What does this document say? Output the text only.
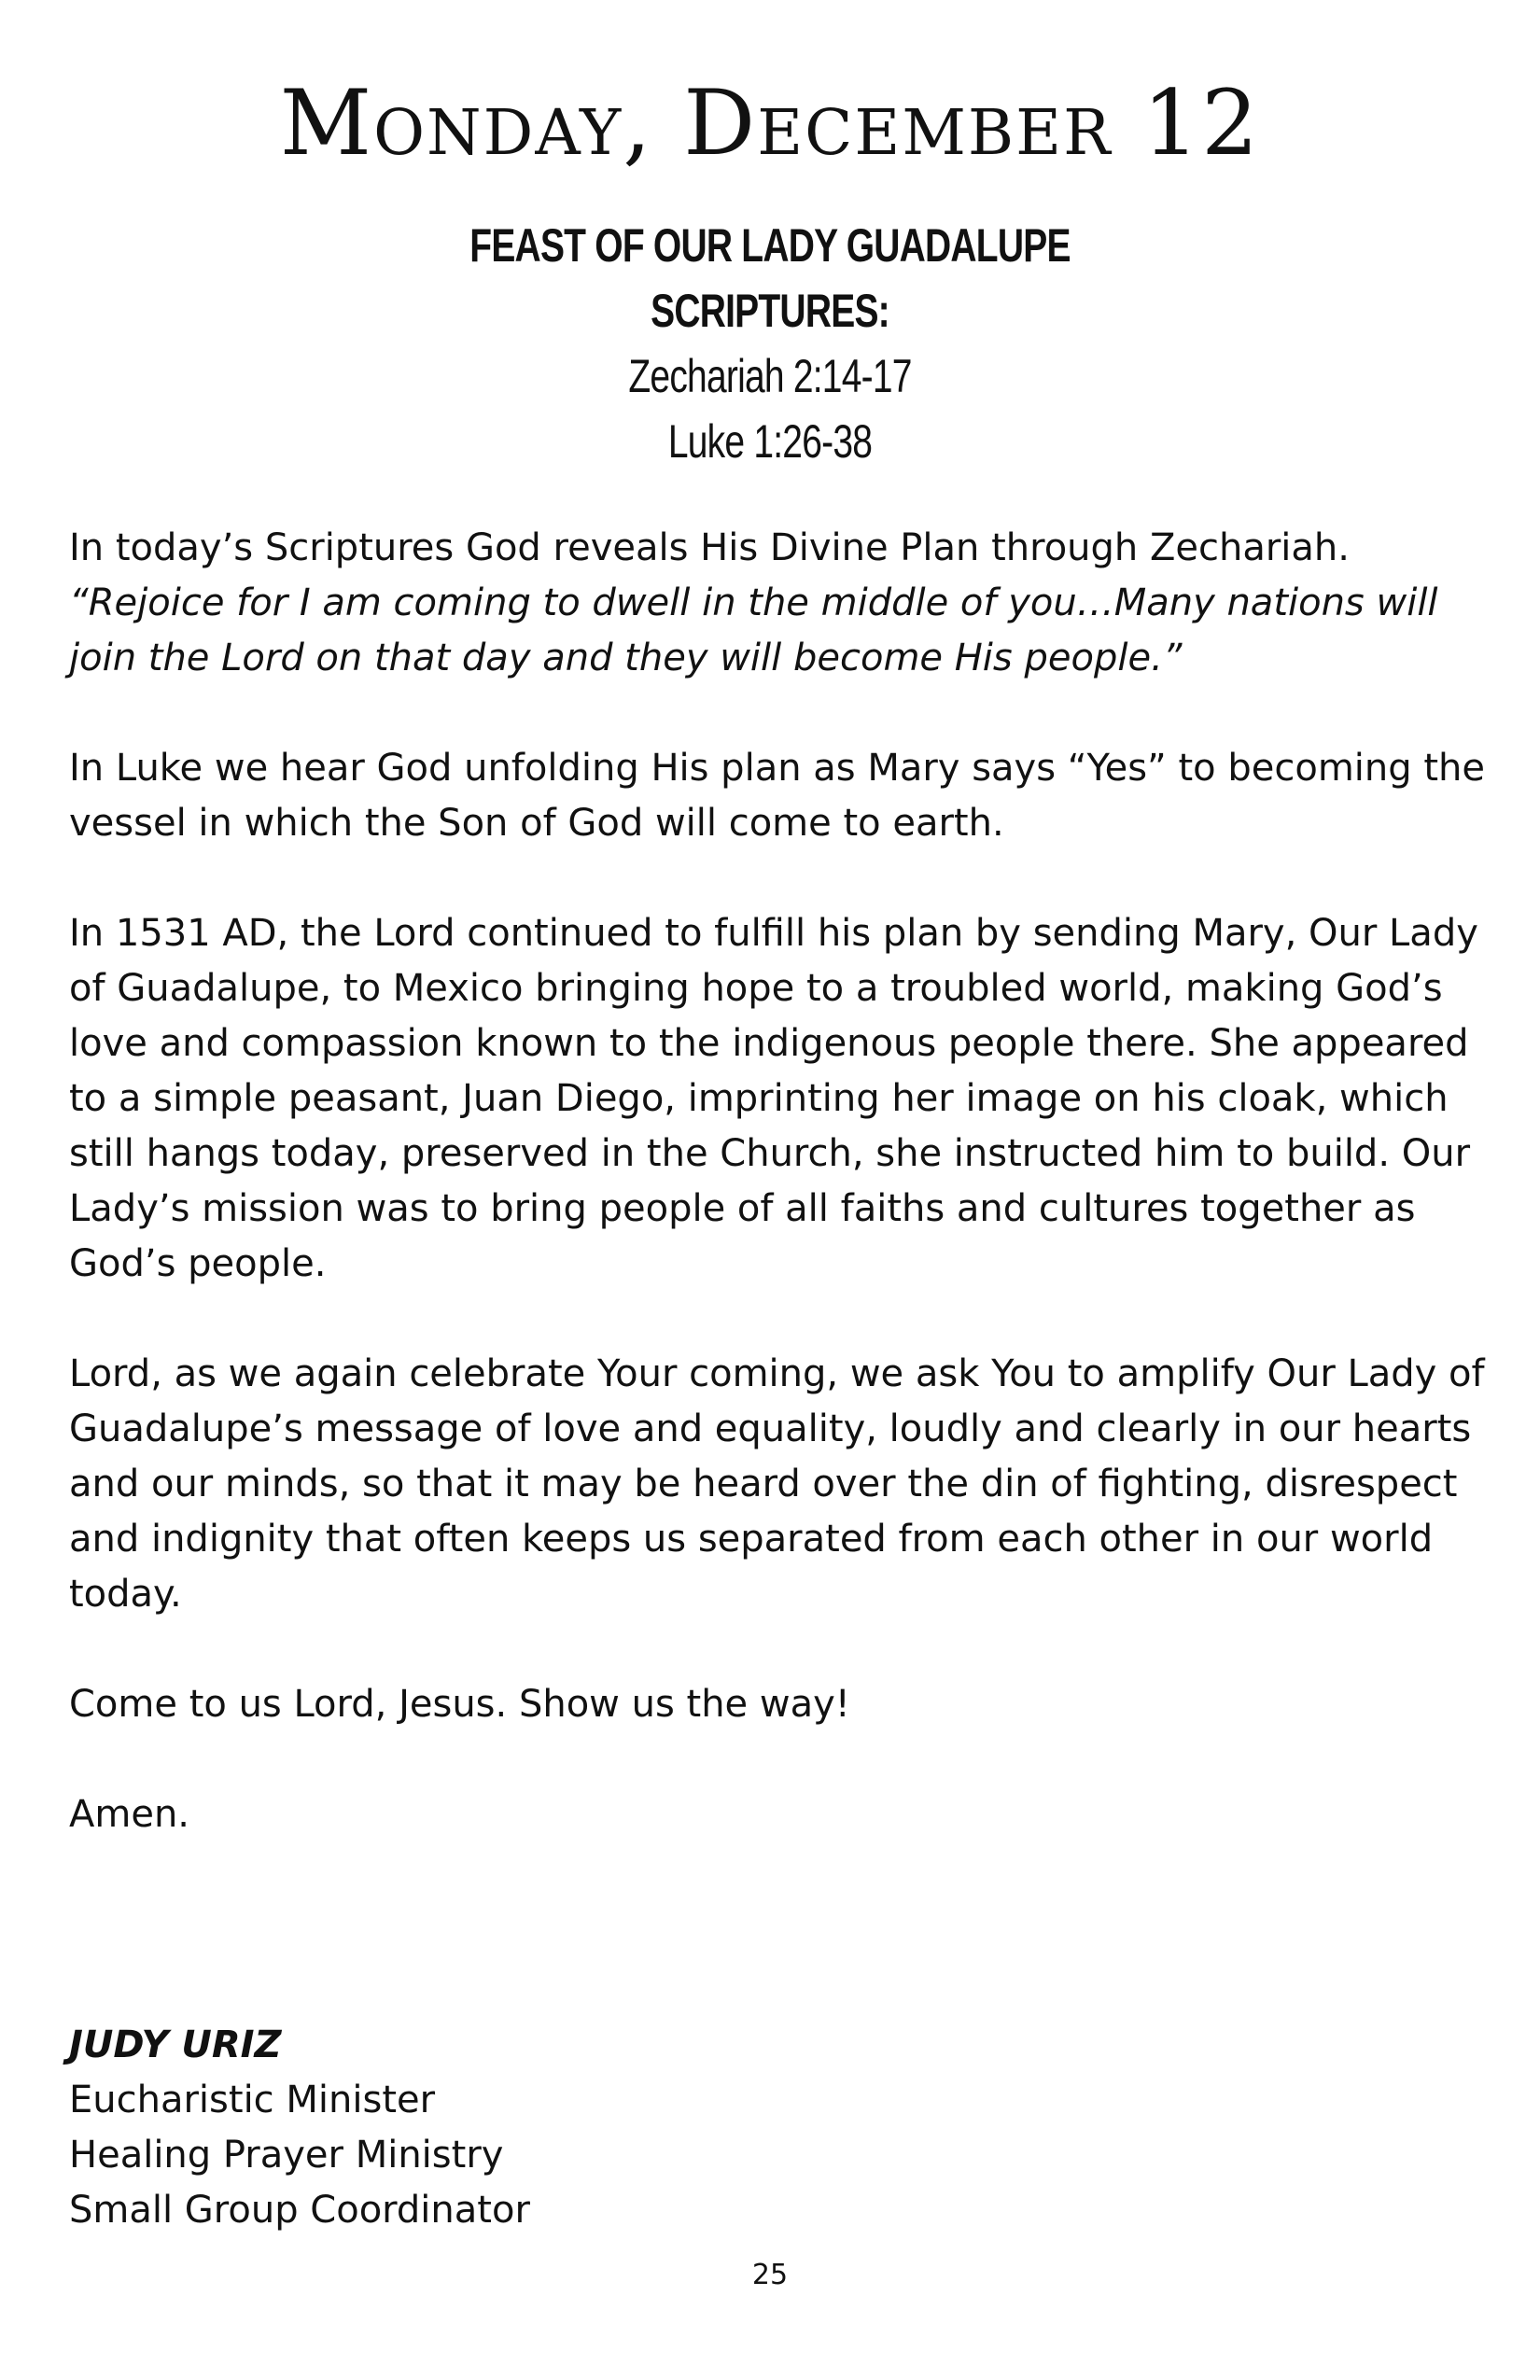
Monday, December 12
FEAST OF OUR LADY GUADALUPE
SCRIPTURES:
Zechariah 2:14-17
Luke 1:26-38

In today’s Scriptures God reveals His Divine Plan through Zechariah. “Rejoice for I am coming to dwell in the middle of you…Many nations will join the Lord on that day and they will become His people.”

In Luke we hear God unfolding His plan as Mary says “Yes” to becoming the vessel in which the Son of God will come to earth.

In 1531 AD, the Lord continued to fulfill his plan by sending Mary, Our Lady of Guadalupe, to Mexico bringing hope to a troubled world, making God’s love and compassion known to the indigenous people there. She appeared to a simple peasant, Juan Diego, imprinting her image on his cloak, which still hangs today, preserved in the Church, she instructed him to build. Our Lady’s mission was to bring people of all faiths and cultures together as God’s people.

Lord, as we again celebrate Your coming, we ask You to amplify Our Lady of Guadalupe’s message of love and equality, loudly and clearly in our hearts and our minds, so that it may be heard over the din of fighting, disrespect and indignity that often keeps us separated from each other in our world today.

Come to us Lord, Jesus. Show us the way!

Amen.

JUDY URIZ
Eucharistic Minister
Healing Prayer Ministry
Small Group Coordinator
25
